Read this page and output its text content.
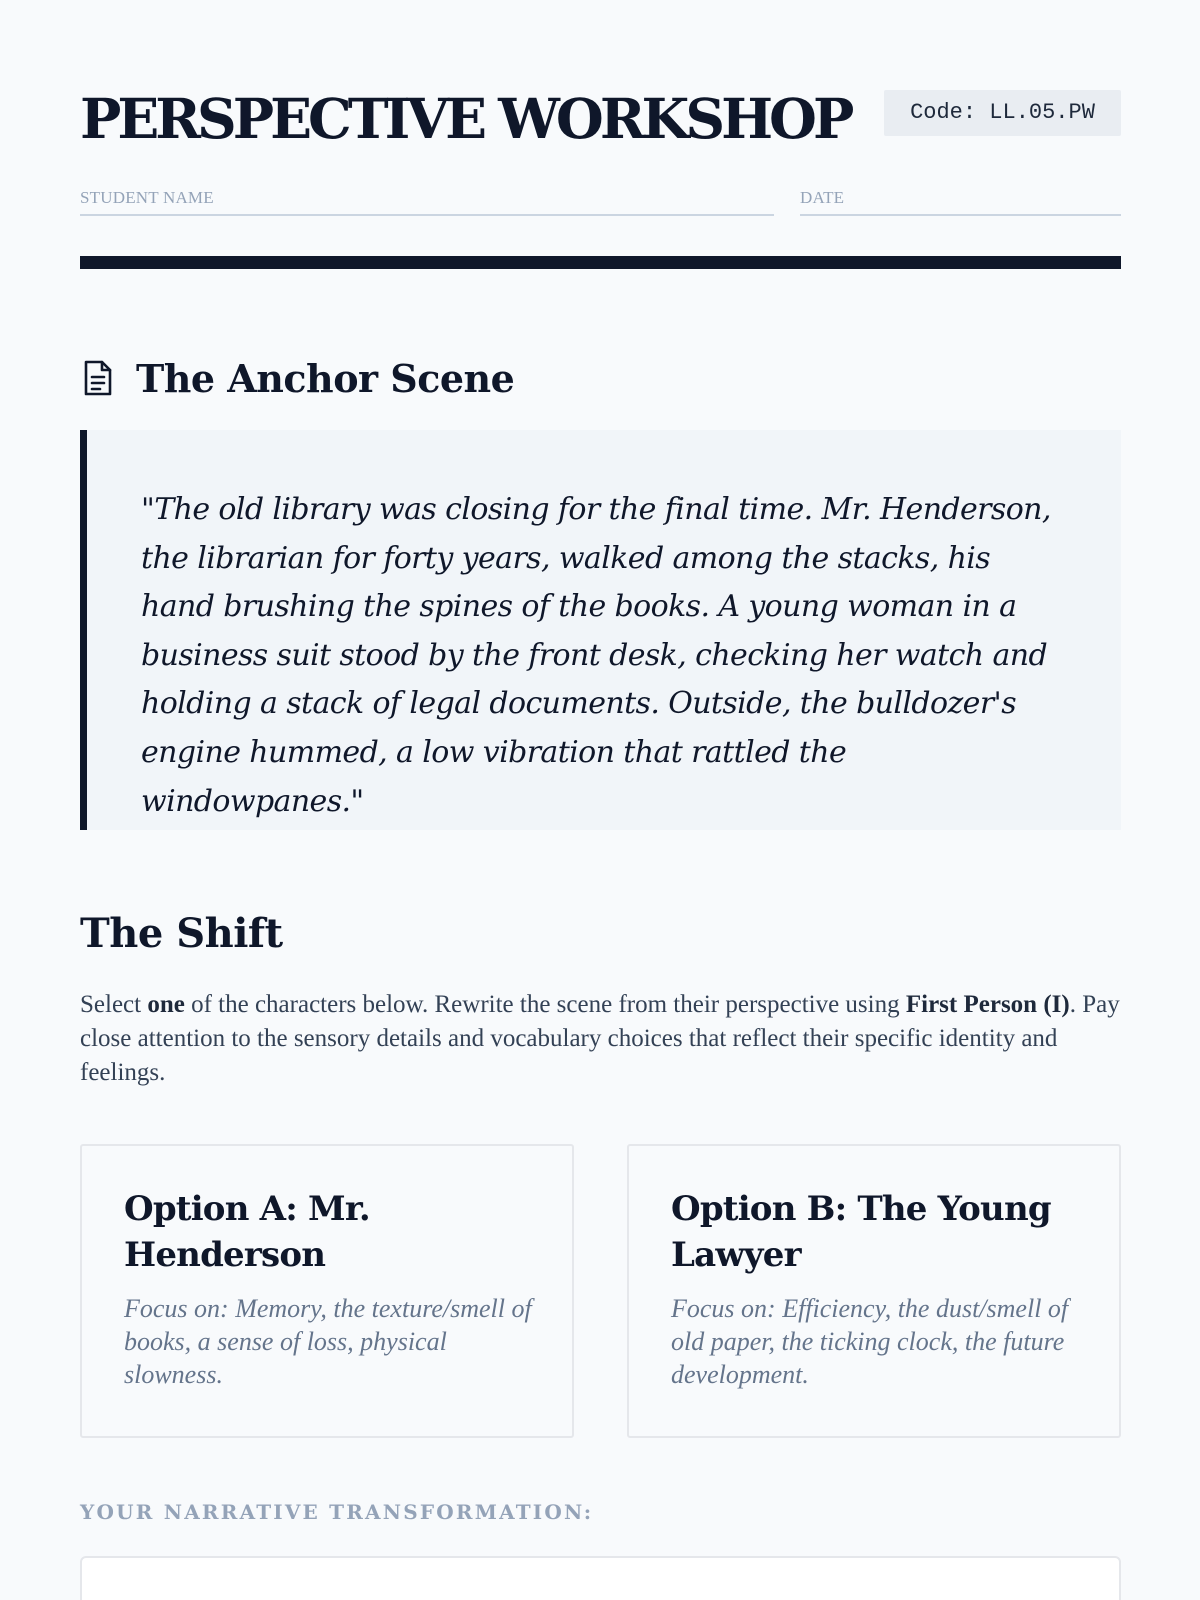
PERSPECTIVE WORKSHOP	Code: LL.05.PW
STUDENT NAME	DATE
The Anchor Scene

"The old library was closing for the final time. Mr. Henderson, the librarian for forty years, walked among the stacks, his hand brushing the spines of the books. A young woman in a business suit stood by the front desk, checking her watch and holding a stack of legal documents. Outside, the bulldozer's engine hummed, a low vibration that rattled the windowpanes."

The Shift

Select one of the characters below. Rewrite the scene from their perspective using First Person (I). Pay close attention to the sensory details and vocabulary choices that reflect their specific identity and feelings.

Option A: Mr. Henderson
Focus on: Memory, the texture/smell of books, a sense of loss, physical slowness.
Option B: The Young Lawyer
Focus on: Efficiency, the dust/smell of old paper, the ticking clock, the future development.
YOUR NARRATIVE TRANSFORMATION:
